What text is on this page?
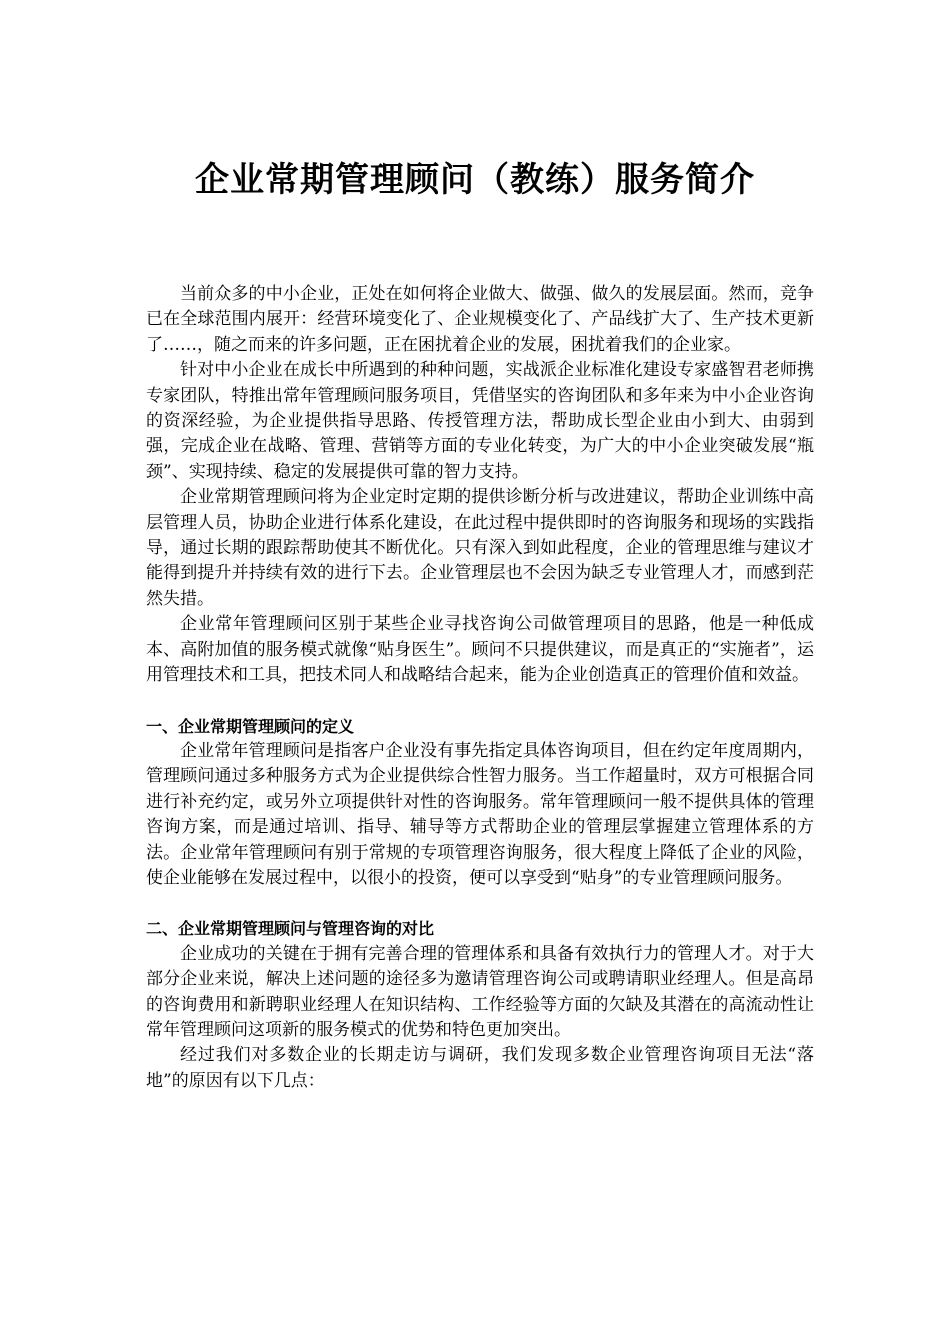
企业常期管理顾问（教练）服务简介

当前众多的中小企业，正处在如何将企业做大、做强、做久的发展层面。然而，竞争已在全球范围内展开：经营环境变化了、企业规模变化了、产品线扩大了、生产技术更新了……，随之而来的许多问题，正在困扰着企业的发展，困扰着我们的企业家。

针对中小企业在成长中所遇到的种种问题，实战派企业标准化建设专家盛智君老师携专家团队，特推出常年管理顾问服务项目，凭借坚实的咨询团队和多年来为中小企业咨询的资深经验，为企业提供指导思路、传授管理方法，帮助成长型企业由小到大、由弱到强，完成企业在战略、管理、营销等方面的专业化转变，为广大的中小企业突破发展“瓶颈”、实现持续、稳定的发展提供可靠的智力支持。

企业常期管理顾问将为企业定时定期的提供诊断分析与改进建议，帮助企业训练中高层管理人员，协助企业进行体系化建设，在此过程中提供即时的咨询服务和现场的实践指导，通过长期的跟踪帮助使其不断优化。只有深入到如此程度，企业的管理思维与建议才能得到提升并持续有效的进行下去。企业管理层也不会因为缺乏专业管理人才，而感到茫然失措。

企业常年管理顾问区别于某些企业寻找咨询公司做管理项目的思路，他是一种低成本、高附加值的服务模式就像“贴身医生”。顾问不只提供建议，而是真正的“实施者”，运用管理技术和工具，把技术同人和战略结合起来，能为企业创造真正的管理价值和效益。

一、企业常期管理顾问的定义

企业常年管理顾问是指客户企业没有事先指定具体咨询项目，但在约定年度周期内，管理顾问通过多种服务方式为企业提供综合性智力服务。当工作超量时，双方可根据合同进行补充约定，或另外立项提供针对性的咨询服务。常年管理顾问一般不提供具体的管理咨询方案，而是通过培训、指导、辅导等方式帮助企业的管理层掌握建立管理体系的方法。企业常年管理顾问有别于常规的专项管理咨询服务，很大程度上降低了企业的风险，使企业能够在发展过程中，以很小的投资，便可以享受到“贴身”的专业管理顾问服务。

二、企业常期管理顾问与管理咨询的对比

企业成功的关键在于拥有完善合理的管理体系和具备有效执行力的管理人才。对于大部分企业来说，解决上述问题的途径多为邀请管理咨询公司或聘请职业经理人。但是高昂的咨询费用和新聘职业经理人在知识结构、工作经验等方面的欠缺及其潜在的高流动性让常年管理顾问这项新的服务模式的优势和特色更加突出。

经过我们对多数企业的长期走访与调研，我们发现多数企业管理咨询项目无法“落地”的原因有以下几点：
